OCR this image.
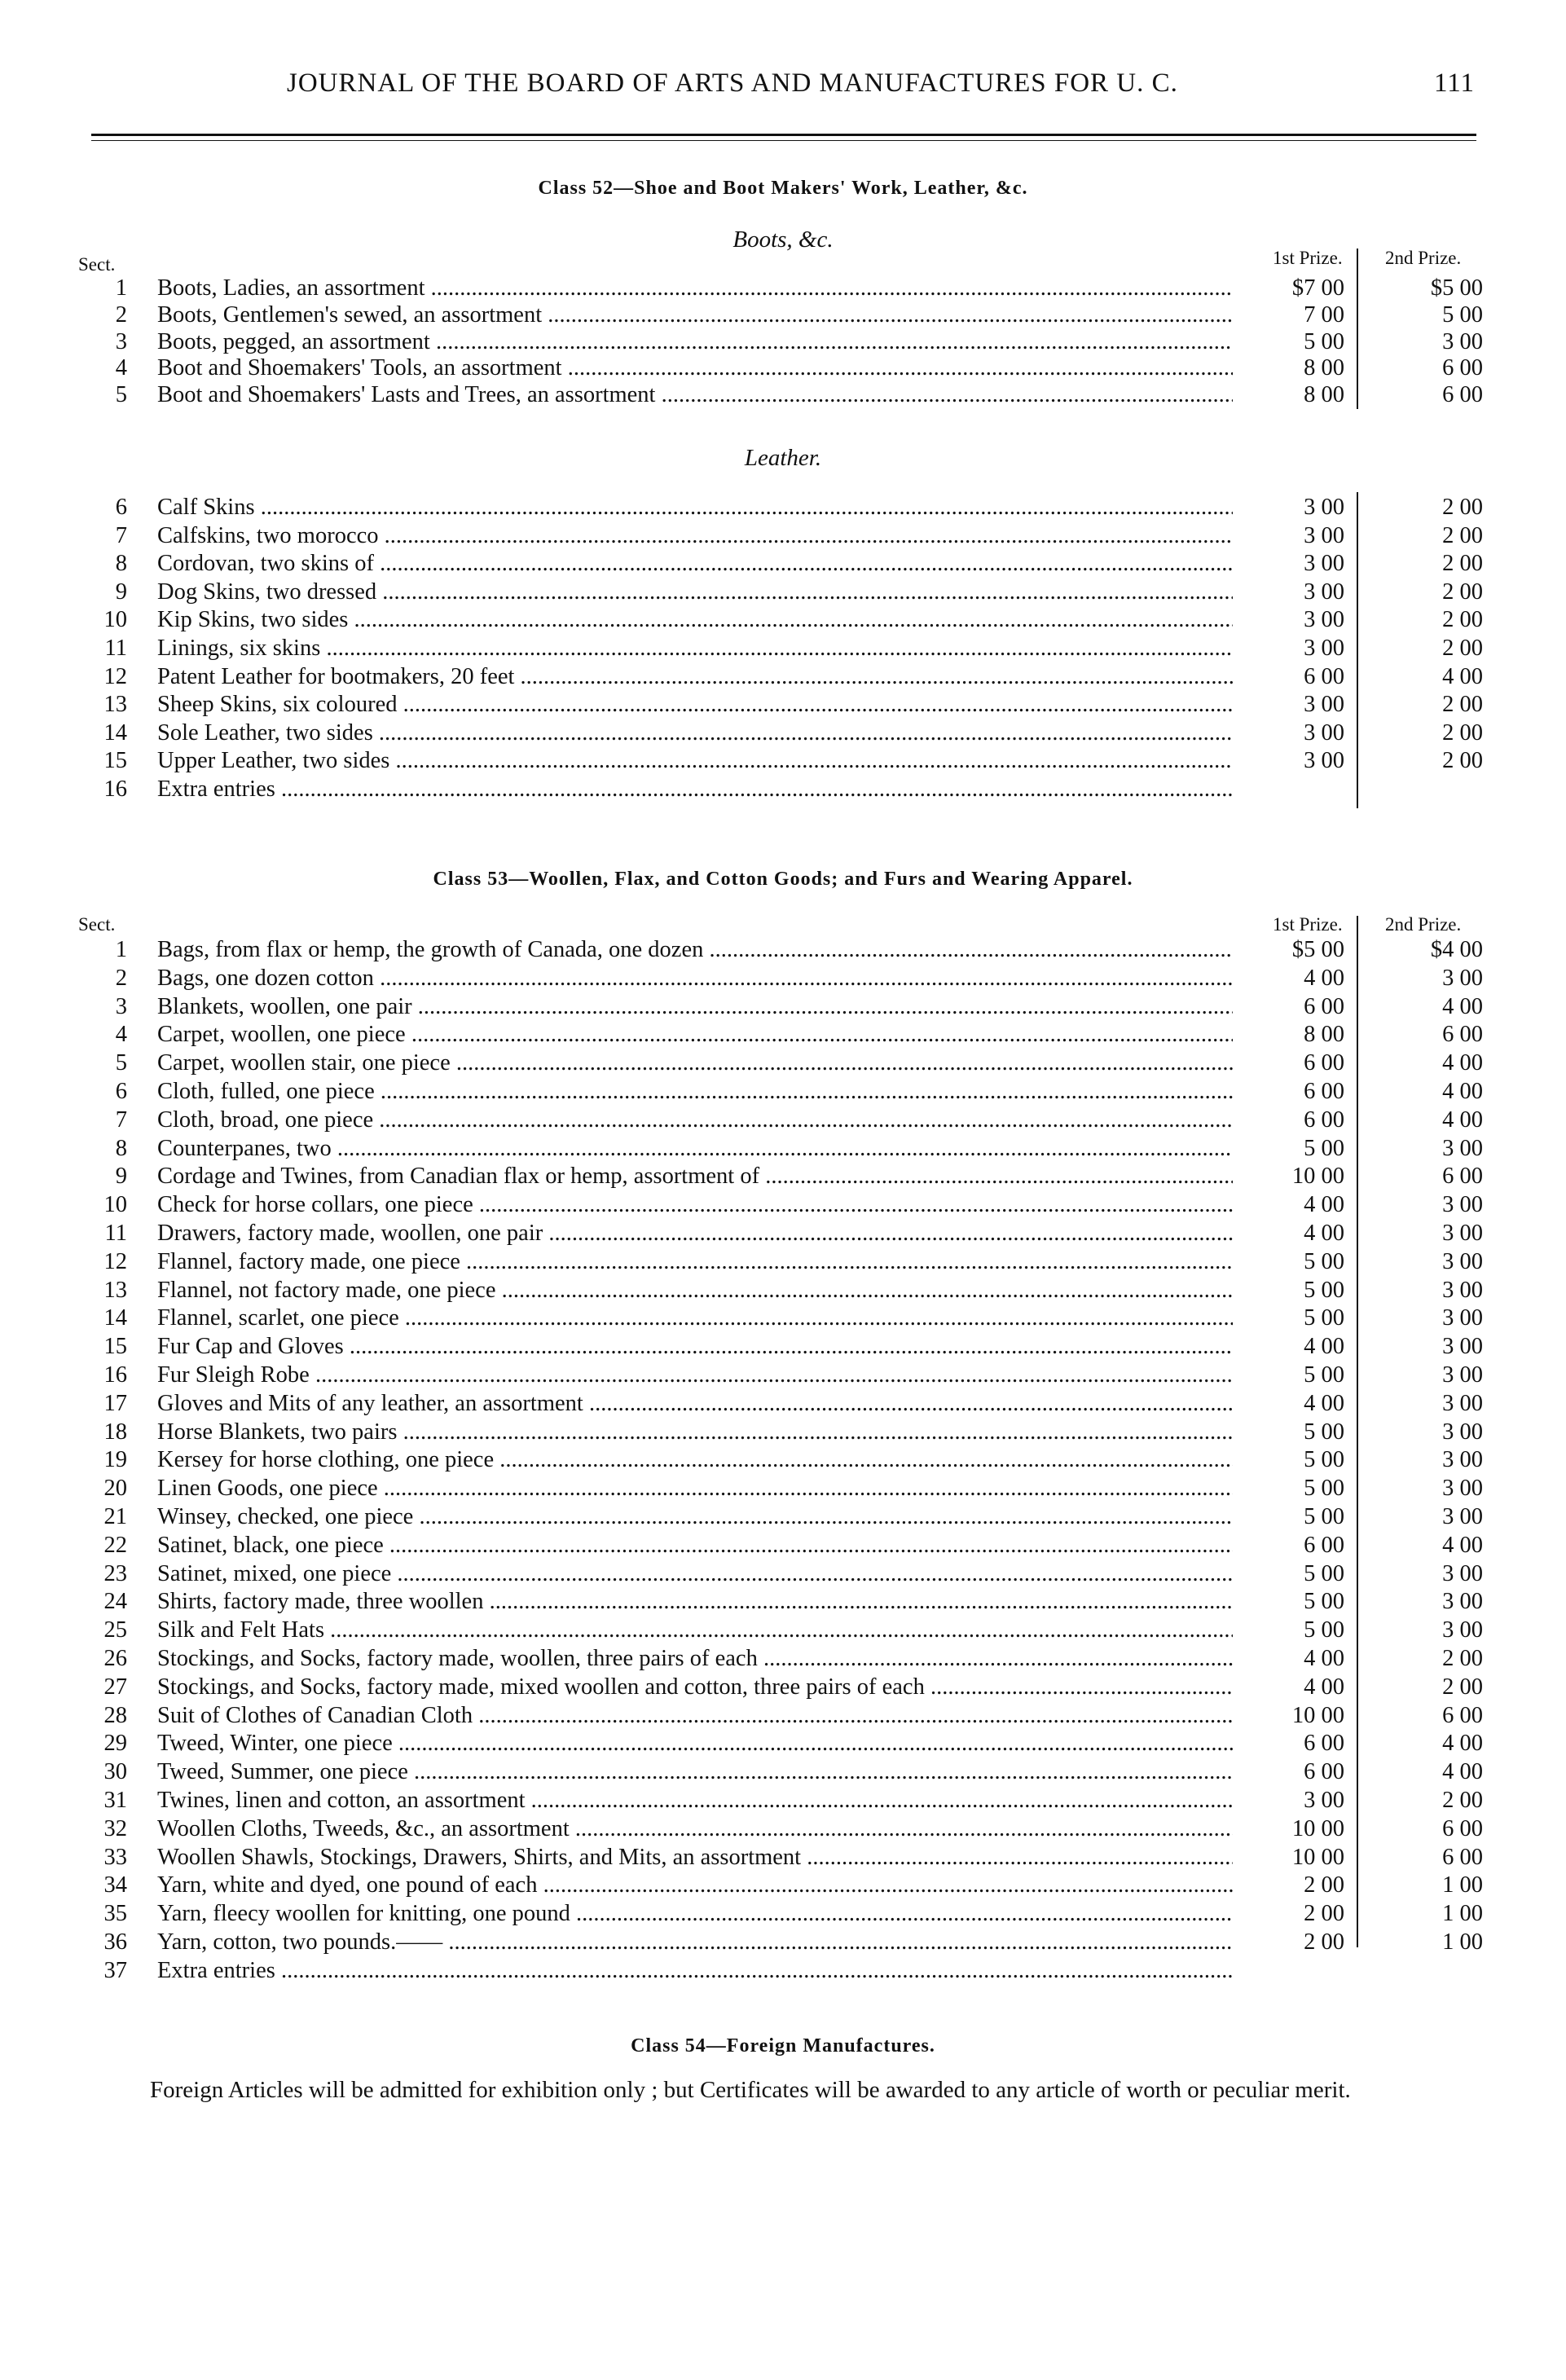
JOURNAL OF THE BOARD OF ARTS AND MANUFACTURES FOR U. C.	111
Class 52—Shoe and Boot Makers' Work, Leather, &c.
Boots, &c.
Sect.	1st Prize. 2nd Prize.
1 Boots, Ladies, an assortment .....	$7 00	$5 00
2 Boots, Gentlemen's sewed, an assortment .....	7 00	5 00
3 Boots, pegged, an assortment .....	5 00	3 00
4 Boot and Shoemakers' Tools, an assortment .....	8 00	6 00
5 Boot and Shoemakers' Lasts and Trees, an assortment .....	8 00	6 00
Leather.
6 Calf Skins .....	3 00	2 00
7 Calfskins, two morocco .....	3 00	2 00
8 Cordovan, two skins of .....	3 00	2 00
9 Dog Skins, two dressed .....	3 00	2 00
10 Kip Skins, two sides .....	3 00	2 00
11 Linings, six skins .....	3 00	2 00
12 Patent Leather for bootmakers, 20 feet .....	6 00	4 00
13 Sheep Skins, six coloured .....	3 00	2 00
14 Sole Leather, two sides .....	3 00	2 00
15 Upper Leather, two sides .....	3 00	2 00
16 Extra entries .....
Class 53—Woollen, Flax, and Cotton Goods; and Furs and Wearing Apparel.
Sect.	1st Prize. 2nd Prize.
1 Bags, from flax or hemp, the growth of Canada, one dozen .....	$5 00	$4 00
2 Bags, one dozen cotton .....	4 00	3 00
3 Blankets, woollen, one pair .....	6 00	4 00
4 Carpet, woollen, one piece .....	8 00	6 00
5 Carpet, woollen stair, one piece .....	6 00	4 00
6 Cloth, fulled, one piece .....	6 00	4 00
7 Cloth, broad, one piece .....	6 00	4 00
8 Counterpanes, two .....	5 00	3 00
9 Cordage and Twines, from Canadian flax or hemp, assortment of .....	10 00	6 00
10 Check for horse collars, one piece .....	4 00	3 00
11 Drawers, factory made, woollen, one pair .....	4 00	3 00
12 Flannel, factory made, one piece .....	5 00	3 00
13 Flannel, not factory made, one piece .....	5 00	3 00
14 Flannel, scarlet, one piece .....	5 00	3 00
15 Fur Cap and Gloves .....	4 00	3 00
16 Fur Sleigh Robe .....	5 00	3 00
17 Gloves and Mits of any leather, an assortment .....	4 00	3 00
18 Horse Blankets, two pairs .....	5 00	3 00
19 Kersey for horse clothing, one piece .....	5 00	3 00
20 Linen Goods, one piece .....	5 00	3 00
21 Winsey, checked, one piece .....	5 00	3 00
22 Satinet, black, one piece .....	6 00	4 00
23 Satinet, mixed, one piece .....	5 00	3 00
24 Shirts, factory made, three woollen .....	5 00	3 00
25 Silk and Felt Hats .....	5 00	3 00
26 Stockings, and Socks, factory made, woollen, three pairs of each .....	4 00	2 00
27 Stockings, and Socks, factory made, mixed woollen and cotton, three pairs of each .....	4 00	2 00
28 Suit of Clothes of Canadian Cloth .....	10 00	6 00
29 Tweed, Winter, one piece .....	6 00	4 00
30 Tweed, Summer, one piece .....	6 00	4 00
31 Twines, linen and cotton, an assortment .....	3 00	2 00
32 Woollen Cloths, Tweeds, &c., an assortment .....	10 00	6 00
33 Woollen Shawls, Stockings, Drawers, Shirts, and Mits, an assortment .....	10 00	6 00
34 Yarn, white and dyed, one pound of each .....	2 00	1 00
35 Yarn, fleecy woollen for knitting, one pound .....	2 00	1 00
36 Yarn, cotton, two pounds.—— .....	2 00	1 00
37 Extra entries .....
Class 54—Foreign Manufactures.
Foreign Articles will be admitted for exhibition only ; but Certificates will be awarded to any article of worth or peculiar merit.
